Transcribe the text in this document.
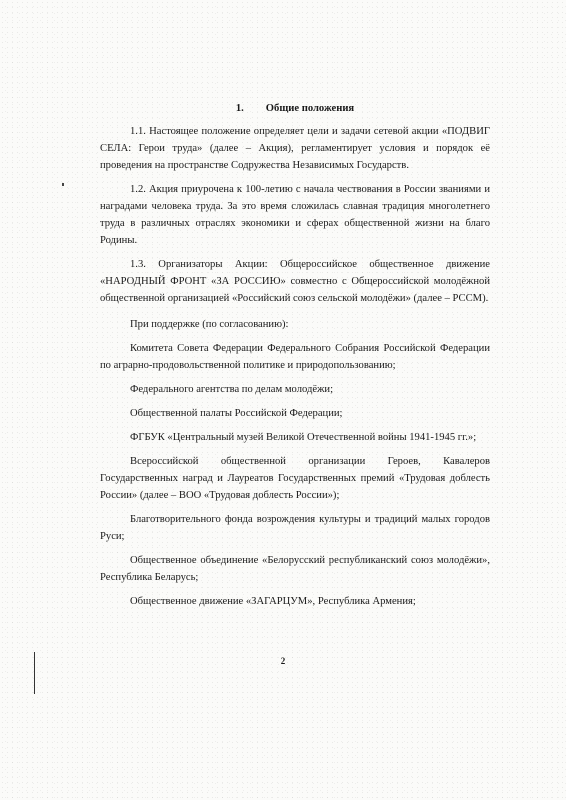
1. Общие положения

1.1. Настоящее положение определяет цели и задачи сетевой акции «ПОДВИГ СЕЛА: Герои труда» (далее – Акция), регламентирует условия и порядок её проведения на пространстве Содружества Независимых Государств.

1.2. Акция приурочена к 100-летию с начала чествования в России званиями и наградами человека труда. За это время сложилась славная традиция многолетнего труда в различных отраслях экономики и сферах общественной жизни на благо Родины.

1.3. Организаторы Акции: Общероссийское общественное движение «НАРОДНЫЙ ФРОНТ «ЗА РОССИЮ» совместно с Общероссийской молодёжной общественной организацией «Российский союз сельской молодёжи» (далее – РССМ).

При поддержке (по согласованию):

Комитета Совета Федерации Федерального Собрания Российской Федерации по аграрно-продовольственной политике и природопользованию;

Федерального агентства по делам молодёжи;

Общественной палаты Российской Федерации;

ФГБУК «Центральный музей Великой Отечественной войны 1941-1945 гг.»;

Всероссийской общественной организации Героев, Кавалеров Государственных наград и Лауреатов Государственных премий «Трудовая доблесть России» (далее – ВОО «Трудовая доблесть России»);

Благотворительного фонда возрождения культуры и традиций малых городов Руси;

Общественное объединение «Белорусский республиканский союз молодёжи», Республика Беларусь;

Общественное движение «ЗАГАРЦУМ», Республика Армения;

2
